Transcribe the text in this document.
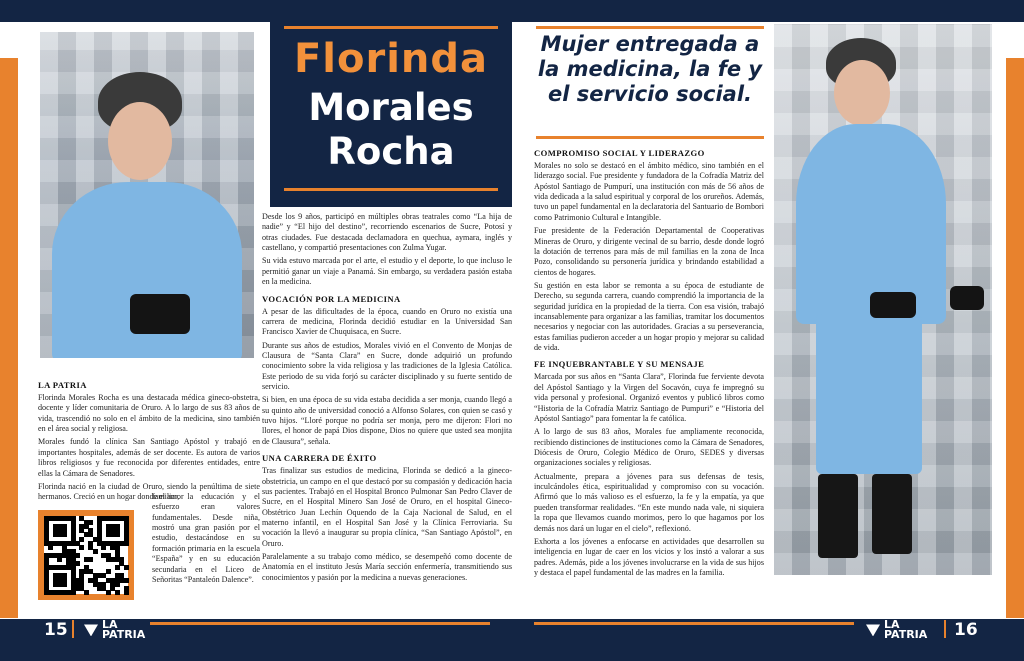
Florinda
Morales
Rocha
Mujer entregada a la medicina, la fe y el servicio social.
LA PATRIA

Florinda Morales Rocha es una destacada médica gineco-obstetra, docente y líder comunitaria de Oruro. A lo largo de sus 83 años de vida, trascendió no solo en el ámbito de la medicina, sino también en el área social y religiosa.

Morales fundó la clínica San Santiago Apóstol y trabajó en importantes hospitales, además de ser docente. Es autora de varios libros religiosos y fue reconocida por diferentes entidades, entre ellas la Cámara de Senadores.

Florinda nació en la ciudad de Oruro, siendo la penúltima de siete hermanos. Creció en un hogar donde el amor

familiar, la educación y el esfuerzo eran valores fundamentales. Desde niña, mostró una gran pasión por el estudio, destacándose en su formación primaria en la escuela “España” y en su educación secundaria en el Liceo de Señoritas “Pantaleón Dalence”.

Desde los 9 años, participó en múltiples obras teatrales como “La hija de nadie” y “El hijo del destino”, recorriendo escenarios de Sucre, Potosí y otras ciudades. Fue destacada declamadora en quechua, aymara, inglés y castellano, y compartió presentaciones con Zulma Yugar.

Su vida estuvo marcada por el arte, el estudio y el deporte, lo que incluso le permitió ganar un viaje a Panamá. Sin embargo, su verdadera pasión estaba en la medicina.

VOCACIÓN POR LA MEDICINA

A pesar de las dificultades de la época, cuando en Oruro no existía una carrera de medicina, Florinda decidió estudiar en la Universidad San Francisco Xavier de Chuquisaca, en Sucre.

Durante sus años de estudios, Morales vivió en el Convento de Monjas de Clausura de “Santa Clara” en Sucre, donde adquirió un profundo conocimiento sobre la vida religiosa y las tradiciones de la Iglesia Católica. Este periodo de su vida forjó su carácter disciplinado y su fuerte sentido de servicio.

Si bien, en una época de su vida estaba decidida a ser monja, cuando llegó a su quinto año de universidad conoció a Alfonso Solares, con quien se casó y tuvo hijos. “Lloré porque no podría ser monja, pero me dijeron: Flori no llores, el honor de papá Dios dispone, Dios no quiere que usted sea monjita de Clausura”, señala.

UNA CARRERA DE ÉXITO

Tras finalizar sus estudios de medicina, Florinda se dedicó a la gineco-obstetricia, un campo en el que destacó por su compasión y dedicación hacia sus pacientes. Trabajó en el Hospital Bronco Pulmonar San Pedro Claver de Sucre, en el Hospital Minero San José de Oruro, en el hospital Gineco-Obstétrico Juan Lechín Oquendo de la Caja Nacional de Salud, en el materno infantil, en el Hospital San José y la Clínica Ferroviaria. Su vocación la llevó a inaugurar su propia clínica, “San Santiago Apóstol”, en Oruro.

Paralelamente a su trabajo como médico, se desempeñó como docente de Anatomía en el instituto Jesús María sección enfermería, transmitiendo sus conocimientos y pasión por la medicina a nuevas generaciones.

COMPROMISO SOCIAL Y LIDERAZGO

Morales no solo se destacó en el ámbito médico, sino también en el liderazgo social. Fue presidente y fundadora de la Cofradía Matriz del Apóstol Santiago de Pumpurí, una institución con más de 56 años de vida dedicada a la salud espiritual y corporal de los orureños. Además, tuvo un papel fundamental en la declaratoria del Santuario de Bombori como Patrimonio Cultural e Intangible.

Fue presidente de la Federación Departamental de Cooperativas Mineras de Oruro, y dirigente vecinal de su barrio, desde donde logró la dotación de terrenos para más de mil familias en la zona de Inca Pozo, consolidando su personería jurídica y brindando estabilidad a cientos de hogares.

Su gestión en esta labor se remonta a su época de estudiante de Derecho, su segunda carrera, cuando comprendió la importancia de la seguridad jurídica en la propiedad de la tierra. Con esa visión, trabajó incansablemente para organizar a las familias, tramitar los documentos necesarios y negociar con las autoridades. Gracias a su perseverancia, estas familias pudieron acceder a un hogar propio y mejorar su calidad de vida.

FE INQUEBRANTABLE Y SU MENSAJE

Marcada por sus años en “Santa Clara”, Florinda fue ferviente devota del Apóstol Santiago y la Virgen del Socavón, cuya fe impregnó su vida personal y profesional. Organizó eventos y publicó libros como “Historia de la Cofradía Matriz Santiago de Pumpuri” e “Historia del Apóstol Santiago” para fomentar la fe católica.

A lo largo de sus 83 años, Morales fue ampliamente reconocida, recibiendo distinciones de instituciones como la Cámara de Senadores, Diócesis de Oruro, Colegio Médico de Oruro, SEDES y diversas organizaciones sociales y religiosas.

Actualmente, prepara a jóvenes para sus defensas de tesis, inculcándoles ética, espiritualidad y compromiso con su vocación. Afirmó que lo más valioso es el esfuerzo, la fe y la empatía, ya que pueden transformar realidades. “En este mundo nada vale, ni siquiera la ropa que llevamos cuando morimos, pero lo que hagamos por los demás nos dará un lugar en el cielo”, reflexionó.

Exhorta a los jóvenes a enfocarse en actividades que desarrollen su inteligencia en lugar de caer en los vicios y los instó a valorar a sus padres. Además, pide a los jóvenes involucrarse en la vida de sus hijos y destaca el papel fundamental de las madres en la familia.

15	LA
PATRIA
LA
PATRIA 16
